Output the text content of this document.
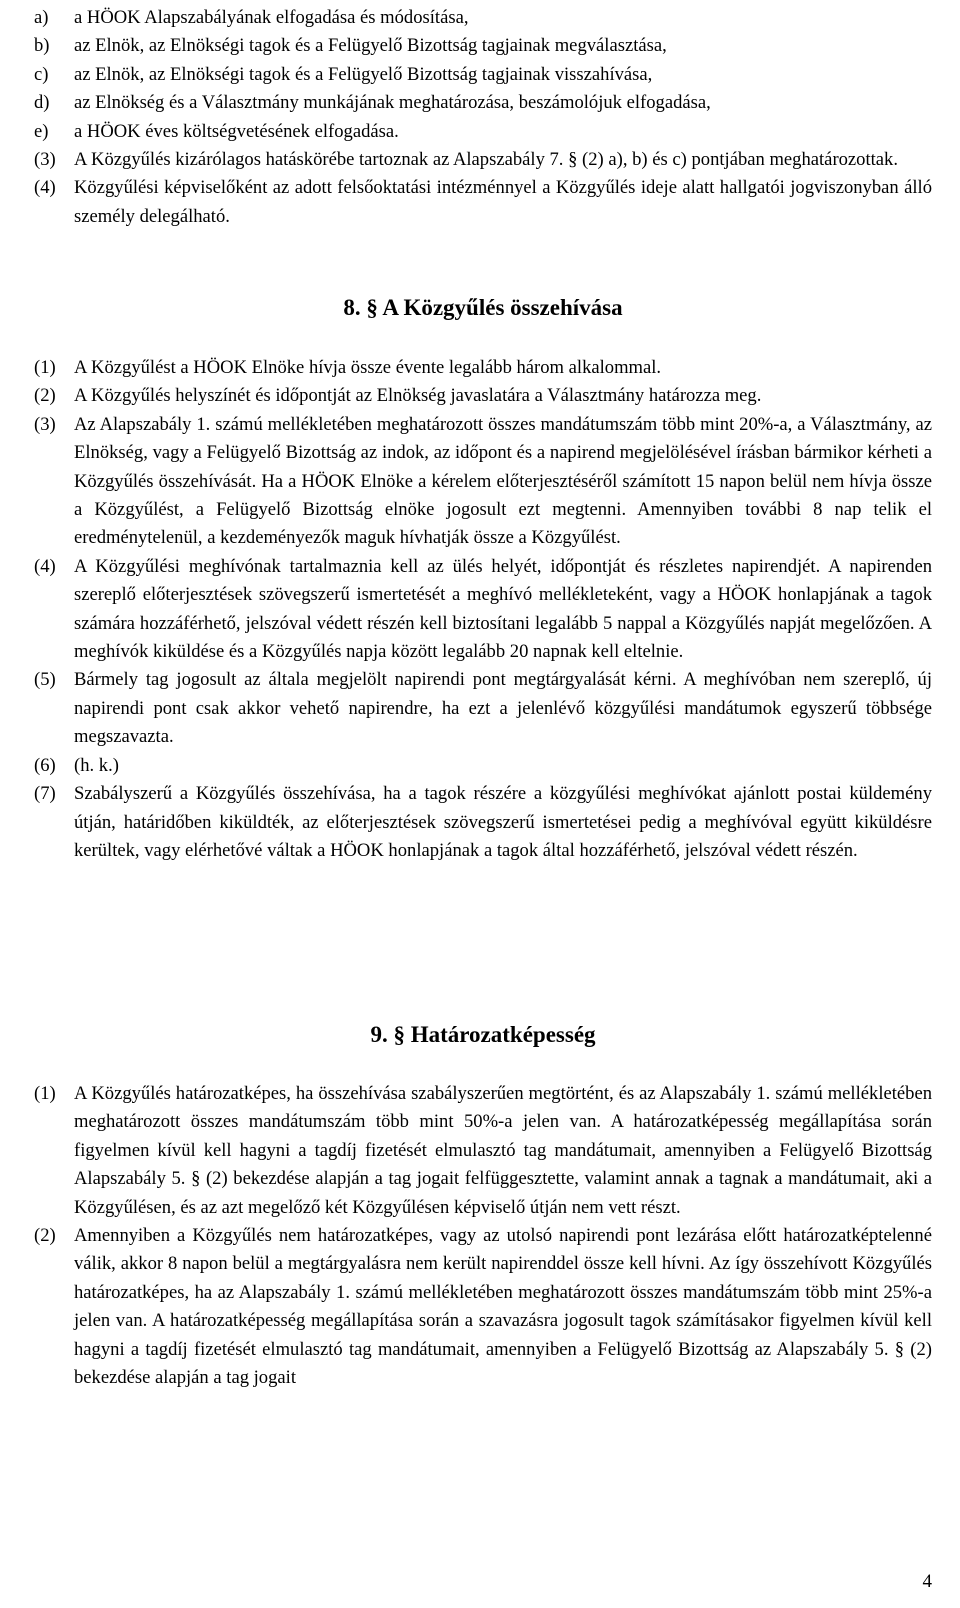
a)	a HÖOK Alapszabályának elfogadása és módosítása,
b)	az Elnök, az Elnökségi tagok és a Felügyelő Bizottság tagjainak megválasztása,
c)	az Elnök, az Elnökségi tagok és a Felügyelő Bizottság tagjainak visszahívása,
d)	az Elnökség és a Választmány munkájának meghatározása, beszámolójuk elfogadása,
e)	a HÖOK éves költségvetésének elfogadása.
(3) A Közgyűlés kizárólagos hatáskörébe tartoznak az Alapszabály 7. § (2) a), b) és c) pontjában meghatározottak.
(4) Közgyűlési képviselőként az adott felsőoktatási intézménnyel a Közgyűlés ideje alatt hallgatói jogviszonyban álló személy delegálható.
8. § A Közgyűlés összehívása
(1) A Közgyűlést a HÖOK Elnöke hívja össze évente legalább három alkalommal.
(2) A Közgyűlés helyszínét és időpontját az Elnökség javaslatára a Választmány határozza meg.
(3) Az Alapszabály 1. számú mellékletében meghatározott összes mandátumszám több mint 20%-a, a Választmány, az Elnökség, vagy a Felügyelő Bizottság az indok, az időpont és a napirend megjelölésével írásban bármikor kérheti a Közgyűlés összehívását. Ha a HÖOK Elnöke a kérelem előterjesztéséről számított 15 napon belül nem hívja össze a Közgyűlést, a Felügyelő Bizottság elnöke jogosult ezt megtenni. Amennyiben további 8 nap telik el eredménytelenül, a kezdeményezők maguk hívhatják össze a Közgyűlést.
(4) A Közgyűlési meghívónak tartalmaznia kell az ülés helyét, időpontját és részletes napirendjét. A napirenden szereplő előterjesztések szövegszerű ismertetését a meghívó mellékleteként, vagy a HÖOK honlapjának a tagok számára hozzáférhető, jelszóval védett részén kell biztosítani legalább 5 nappal a Közgyűlés napját megelőzően. A meghívók kiküldése és a Közgyűlés napja között legalább 20 napnak kell eltelnie.
(5) Bármely tag jogosult az általa megjelölt napirendi pont megtárgyalását kérni. A meghívóban nem szereplő, új napirendi pont csak akkor vehető napirendre, ha ezt a jelenlévő közgyűlési mandátumok egyszerű többsége megszavazta.
(6) (h. k.)
(7) Szabályszerű a Közgyűlés összehívása, ha a tagok részére a közgyűlési meghívókat ajánlott postai küldemény útján, határidőben kiküldték, az előterjesztések szövegszerű ismertetései pedig a meghívóval együtt kiküldésre kerültek, vagy elérhetővé váltak a HÖOK honlapjának a tagok által hozzáférhető, jelszóval védett részén.
9. § Határozatképesség
(1) A Közgyűlés határozatképes, ha összehívása szabályszerűen megtörtént, és az Alapszabály 1. számú mellékletében meghatározott összes mandátumszám több mint 50%-a jelen van. A határozatképesség megállapítása során figyelmen kívül kell hagyni a tagdíj fizetését elmulasztó tag mandátumait, amennyiben a Felügyelő Bizottság Alapszabály 5. § (2) bekezdése alapján a tag jogait felfüggesztette, valamint annak a tagnak a mandátumait, aki a Közgyűlésen, és az azt megelőző két Közgyűlésen képviselő útján nem vett részt.
(2) Amennyiben a Közgyűlés nem határozatképes, vagy az utolsó napirendi pont lezárása előtt határozatképtelenné válik, akkor 8 napon belül a megtárgyalásra nem került napirenddel össze kell hívni. Az így összehívott Közgyűlés határozatképes, ha az Alapszabály 1. számú mellékletében meghatározott összes mandátumszám több mint 25%-a jelen van. A határozatképesség megállapítása során a szavazásra jogosult tagok számításakor figyelmen kívül kell hagyni a tagdíj fizetését elmulasztó tag mandátumait, amennyiben a Felügyelő Bizottság az Alapszabály 5. § (2) bekezdése alapján a tag jogait
4
